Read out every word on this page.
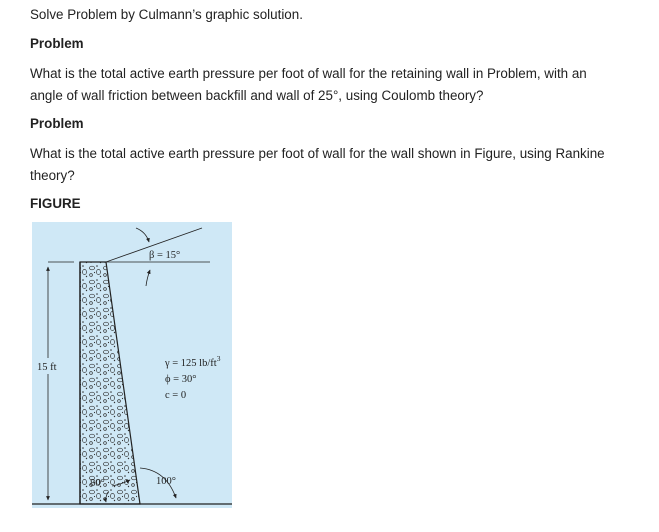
Solve Problem by Culmann’s graphic solution.

Problem

What is the total active earth pressure per foot of wall for the retaining wall in Problem, with an

angle of wall friction between backfill and wall of 25°, using Coulomb theory?

Problem

What is the total active earth pressure per foot of wall for the wall shown in Figure, using Rankine

theory?

FIGURE

β = 15°
15 ft	γ = 125 $lb/ft^3$
ϕ = 30°
c = 0
80°	100°
